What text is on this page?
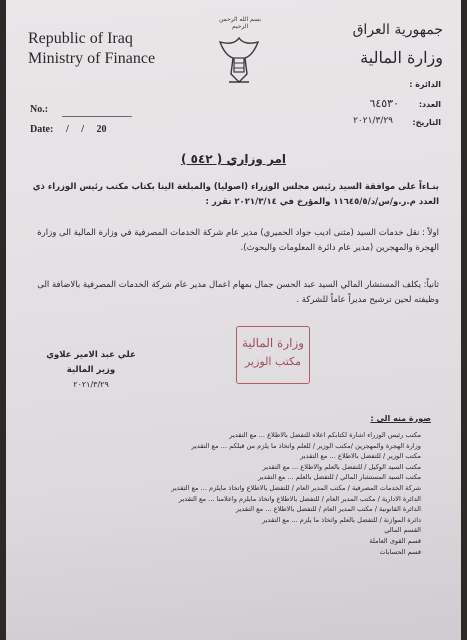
Republic of Iraq
Ministry of Finance
No.:
Date: / / 20
بسم الله الرحمن الرحيم	جمهورية العراق
وزارة المالية
الدائرة :
العدد:
٦٤٥٣٠
التاريخ:
٢٠٢١/٣/٢٩
امر وزاري ( ٥٤٢ )
بنـاءاً على موافقة السيد رئيس مجلس الوزراء (اصوليا) والمبلغة الينا بكتاب مكتب رئيس الوزراء ذي العدد م.ر.و/س/د/١١٦٤٥/٥ والمؤرخ في ٢٠٢١/٣/١٤ تقرر :
اولاً : نقل خدمات السيد (مثنى اديب جواد الحميري) مدير عام شركة الخدمات المصرفية في وزارة المالية الى وزارة الهجرة والمهجرين (مدير عام دائرة المعلومات والبحوث).
ثانياً: يكلف المستشار المالي السيد عبد الحسن جمال بمهام اعمال مدير عام شركة الخدمات المصرفية بالاضافة الى وظيفته لحين ترشيح مديراً عاماً للشركة .
علي عبد الامير علاوي
وزير المالية
٢٠٢١/٣/٢٩
وزارة المالية
مكتب الوزير
صورة منه الى :
مكتب رئيس الوزراء اشارة لكتابكم اعلاه للتفضل بالاطلاع ... مع التقدير
وزارة الهجرة والمهجرين /مكتب الوزير / للعلم واتخاذ ما يلزم من قبلكم ... مع التقدير
مكتب الوزير / للتفضل بالاطلاع ... مع التقدير
مكتب السيد الوكيل / للتفضل بالعلم والاطلاع ... مع التقدير
مكتب السيد المستشار المالي / للتفضل بالعلم ... مع التقدير
شركة الخدمات المصرفية / مكتب المدير العام / للتفضل بالاطلاع واتخاذ مايلزم ... مع التقدير
الدائرة الادارية / مكتب المدير العام / للتفضل بالاطلاع واتخاذ مايلزم واعلامنا ... مع التقدير
الدائرة القانونية / مكتب المدير العام / للتفضل بالاطلاع ... مع التقدير
دائرة الموازنة / للتفضل بالعلم واتخاذ ما يلزم ... مع التقدير
القسم المالي
قسم القوى العاملة
قسم الحسابات
